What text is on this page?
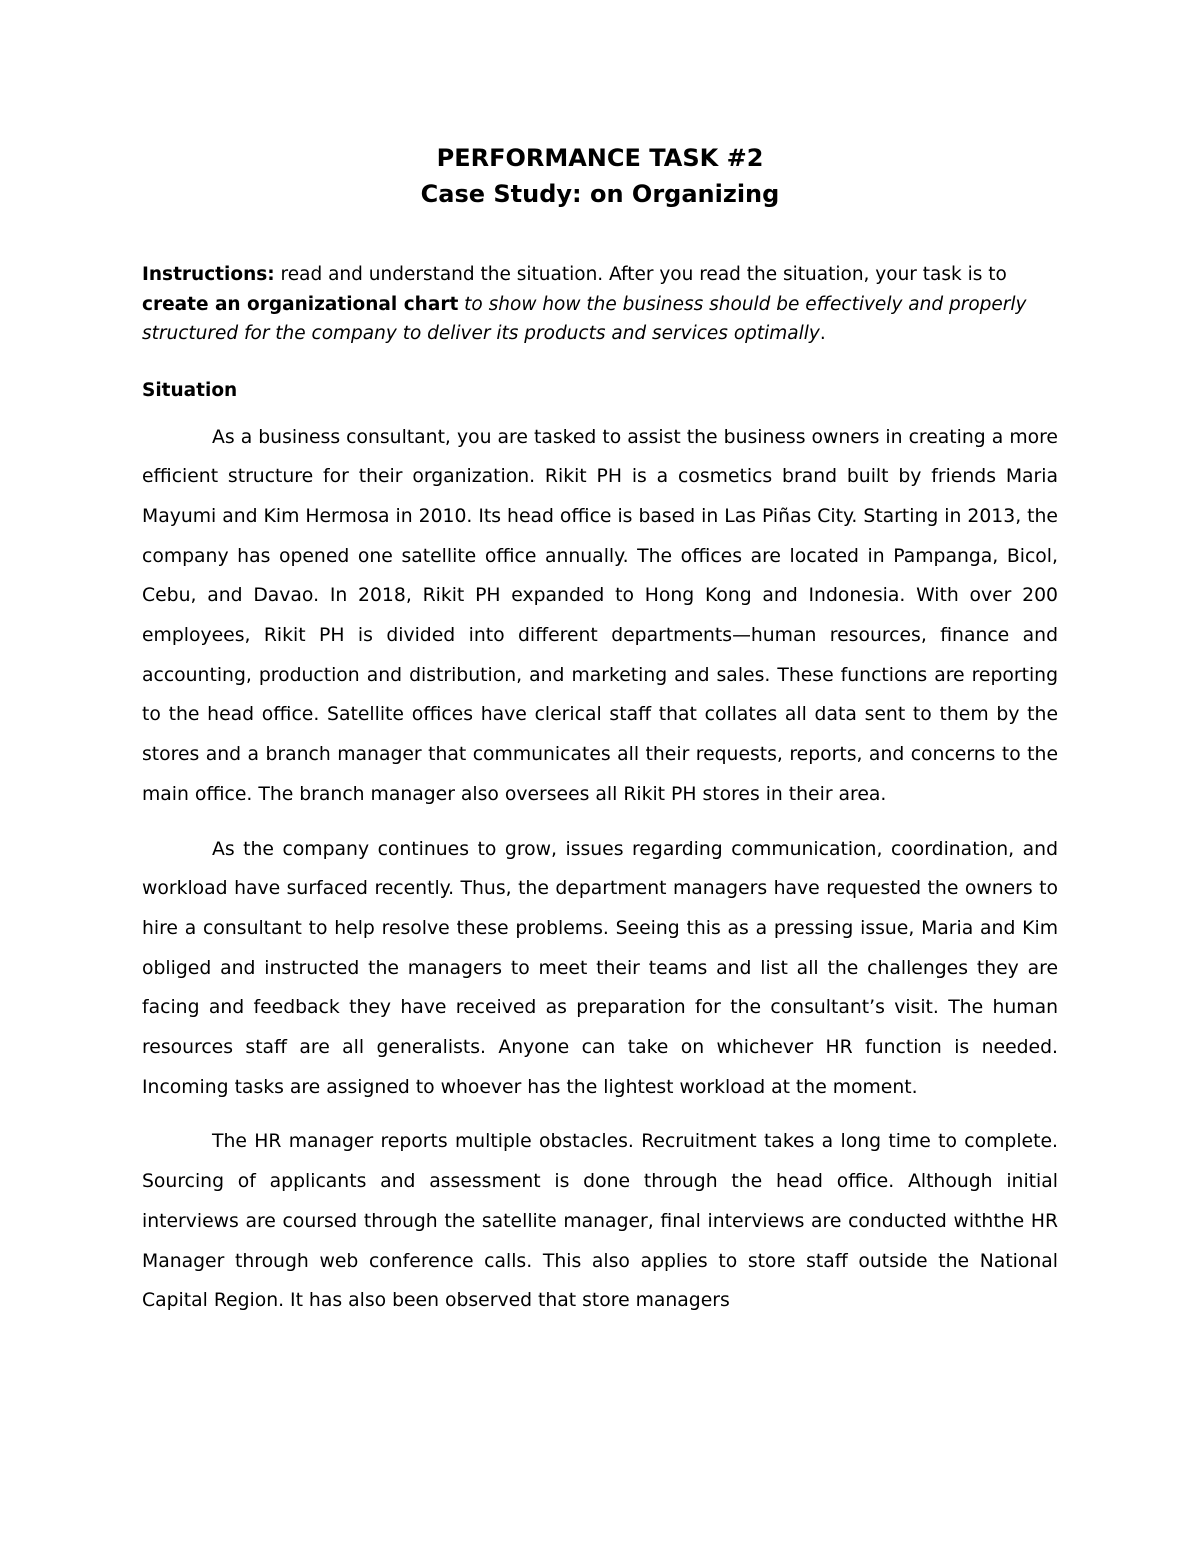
PERFORMANCE TASK #2
Case Study: on Organizing
Instructions: read and understand the situation. After you read the situation, your task is to create an organizational chart to show how the business should be effectively and properly structured for the company to deliver its products and services optimally.
Situation

As a business consultant, you are tasked to assist the business owners in creating a more efficient structure for their organization. Rikit PH is a cosmetics brand built by friends Maria Mayumi and Kim Hermosa in 2010. Its head office is based in Las Piñas City. Starting in 2013, the company has opened one satellite office annually. The offices are located in Pampanga, Bicol, Cebu, and Davao. In 2018, Rikit PH expanded to Hong Kong and Indonesia. With over 200 employees, Rikit PH is divided into different departments—human resources, finance and accounting, production and distribution, and marketing and sales. These functions are reporting to the head office. Satellite offices have clerical staff that collates all data sent to them by the stores and a branch manager that communicates all their requests, reports, and concerns to the main office. The branch manager also oversees all Rikit PH stores in their area.

As the company continues to grow, issues regarding communication, coordination, and workload have surfaced recently. Thus, the department managers have requested the owners to hire a consultant to help resolve these problems. Seeing this as a pressing issue, Maria and Kim obliged and instructed the managers to meet their teams and list all the challenges they are facing and feedback they have received as preparation for the consultant’s visit. The human resources staff are all generalists. Anyone can take on whichever HR function is needed. Incoming tasks are assigned to whoever has the lightest workload at the moment.

The HR manager reports multiple obstacles. Recruitment takes a long time to complete. Sourcing of applicants and assessment is done through the head office. Although initial interviews are coursed through the satellite manager, final interviews are conducted withthe HR Manager through web conference calls. This also applies to store staff outside the National Capital Region. It has also been observed that store managers
